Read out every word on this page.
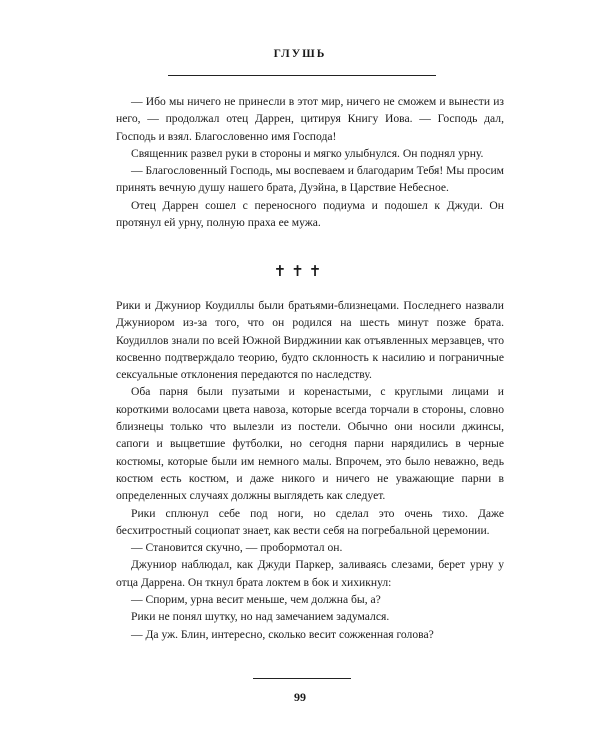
ГЛУШЬ

— Ибо мы ничего не принесли в этот мир, ничего не сможем и вынести из него, — продолжал отец Даррен, цитируя Книгу Иова. — Господь дал, Господь и взял. Благословенно имя Господа!

Священник развел руки в стороны и мягко улыбнулся. Он поднял урну.

— Благословенный Господь, мы воспеваем и благодарим Тебя! Мы просим принять вечную душу нашего брата, Дуэйна, в Царствие Небесное.

Отец Даррен сошел с переносного подиума и подошел к Джуди. Он протянул ей урну, полную праха ее мужа.

✝✝✝

Рики и Джуниор Коудиллы были братьями-близнецами. Последнего назвали Джуниором из-за того, что он родился на шесть минут позже брата. Коудиллов знали по всей Южной Вирджинии как отъявленных мерзавцев, что косвенно подтверждало теорию, будто склонность к насилию и пограничные сексуальные отклонения передаются по наследству.

Оба парня были пузатыми и коренастыми, с круглыми лицами и короткими волосами цвета навоза, которые всегда торчали в стороны, словно близнецы только что вылезли из постели. Обычно они носили джинсы, сапоги и выцветшие футболки, но сегодня парни нарядились в черные костюмы, которые были им немного малы. Впрочем, это было неважно, ведь костюм есть костюм, и даже никого и ничего не уважающие парни в определенных случаях должны выглядеть как следует.

Рики сплюнул себе под ноги, но сделал это очень тихо. Даже бесхитростный социопат знает, как вести себя на погребальной церемонии.

— Становится скучно, — пробормотал он.

Джуниор наблюдал, как Джуди Паркер, заливаясь слезами, берет урну у отца Даррена. Он ткнул брата локтем в бок и хихикнул:

— Спорим, урна весит меньше, чем должна бы, а?

Рики не понял шутку, но над замечанием задумался.

— Да уж. Блин, интересно, сколько весит сожженная голова?

99
